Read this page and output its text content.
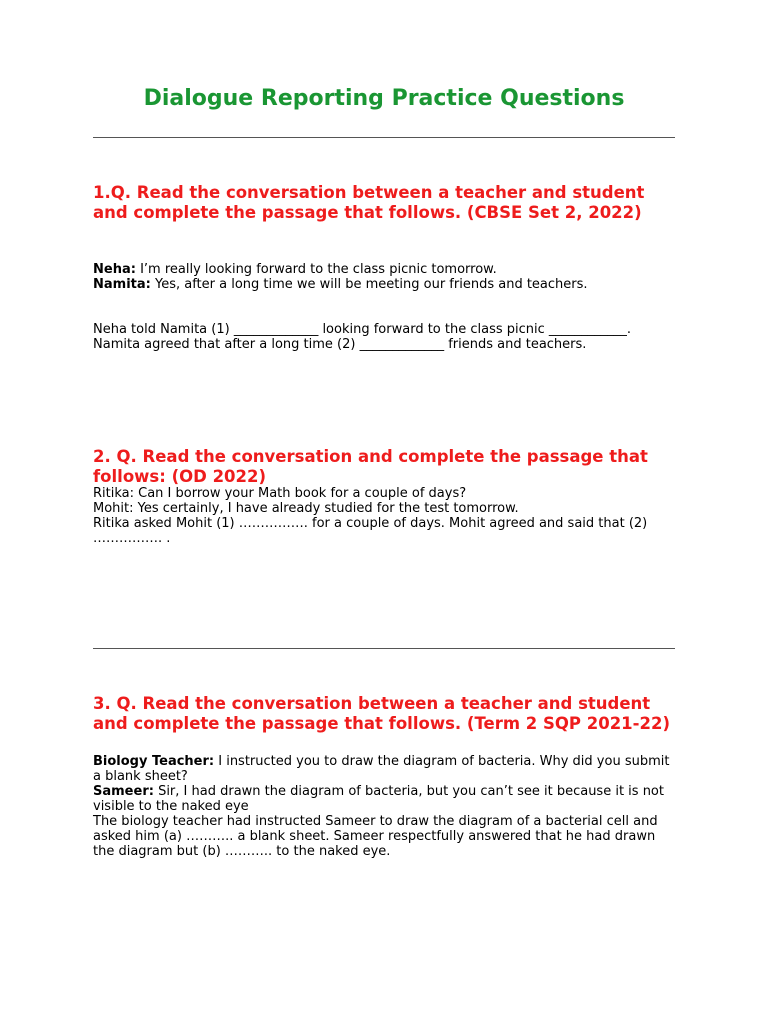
Dialogue Reporting Practice Questions
1.Q. Read the conversation between a teacher and student and complete the passage that follows. (CBSE Set 2, 2022)

Neha: I’m really looking forward to the class picnic tomorrow.

Namita: Yes, after a long time we will be meeting our friends and teachers.

Neha told Namita (1) _____________ looking forward to the class picnic ____________.

Namita agreed that after a long time (2) _____________ friends and teachers.

2. Q. Read the conversation and complete the passage that follows: (OD 2022)

Ritika: Can I borrow your Math book for a couple of days?

Mohit: Yes certainly, I have already studied for the test tomorrow.

Ritika asked Mohit (1) ……………. for a couple of days. Mohit agreed and said that (2) ……………. .

3. Q. Read the conversation between a teacher and student and complete the passage that follows. (Term 2 SQP 2021-22)

Biology Teacher: I instructed you to draw the diagram of bacteria. Why did you submit a blank sheet?

Sameer: Sir, I had drawn the diagram of bacteria, but you can’t see it because it is not visible to the naked eye

The biology teacher had instructed Sameer to draw the diagram of a bacterial cell and asked him (a) ……….. a blank sheet. Sameer respectfully answered that he had drawn the diagram but (b) ……….. to the naked eye.
